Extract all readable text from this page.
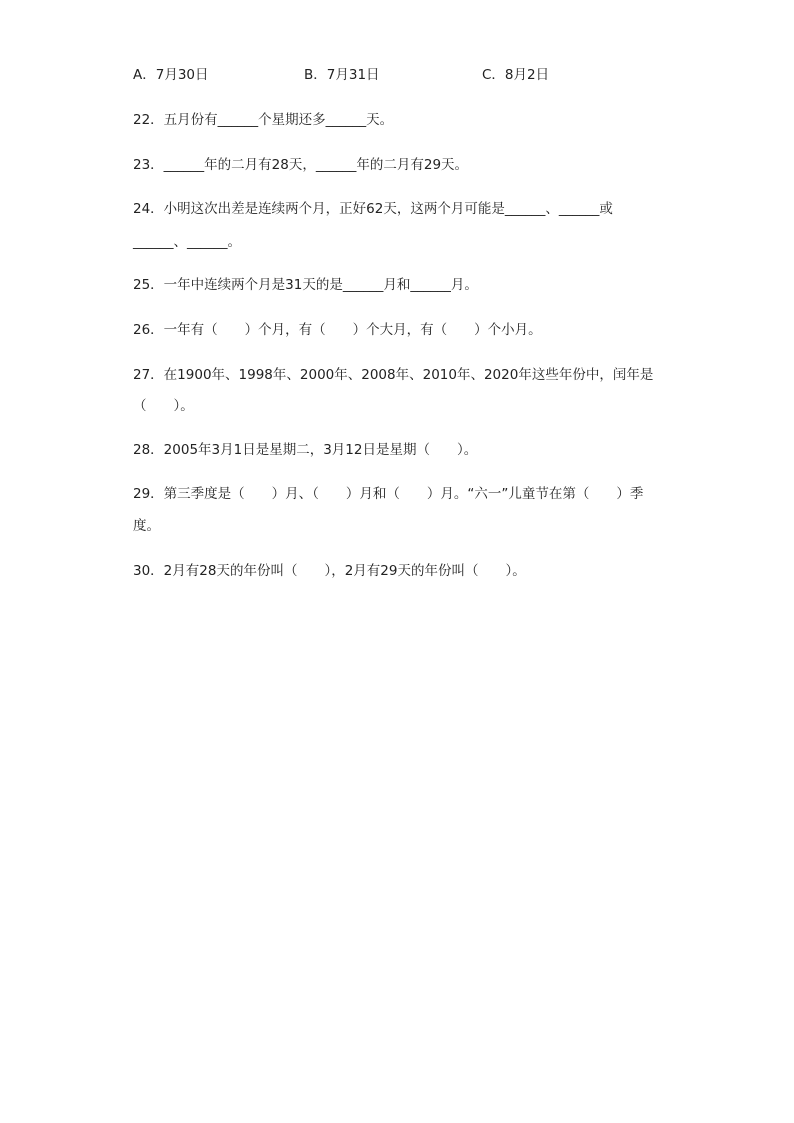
A．7月30日	B．7月31日	C．8月2日
22．五月份有______个星期还多______天。
23．______年的二月有28天，______年的二月有29天。
24．小明这次出差是连续两个月，正好62天，这两个月可能是______、______或
______、______。
25．一年中连续两个月是31天的是______月和______月。
26．一年有（　　）个月，有（　　）个大月，有（　　）个小月。
27．在1900年、1998年、2000年、2008年、2010年、2020年这些年份中，闰年是
（　　）。
28．2005年3月1日是星期二，3月12日是星期（　　）。
29．第三季度是（　　）月、（　　）月和（　　）月。“六一”儿童节在第（　　）季
度。
30．2月有28天的年份叫（　　），2月有29天的年份叫（　　）。
